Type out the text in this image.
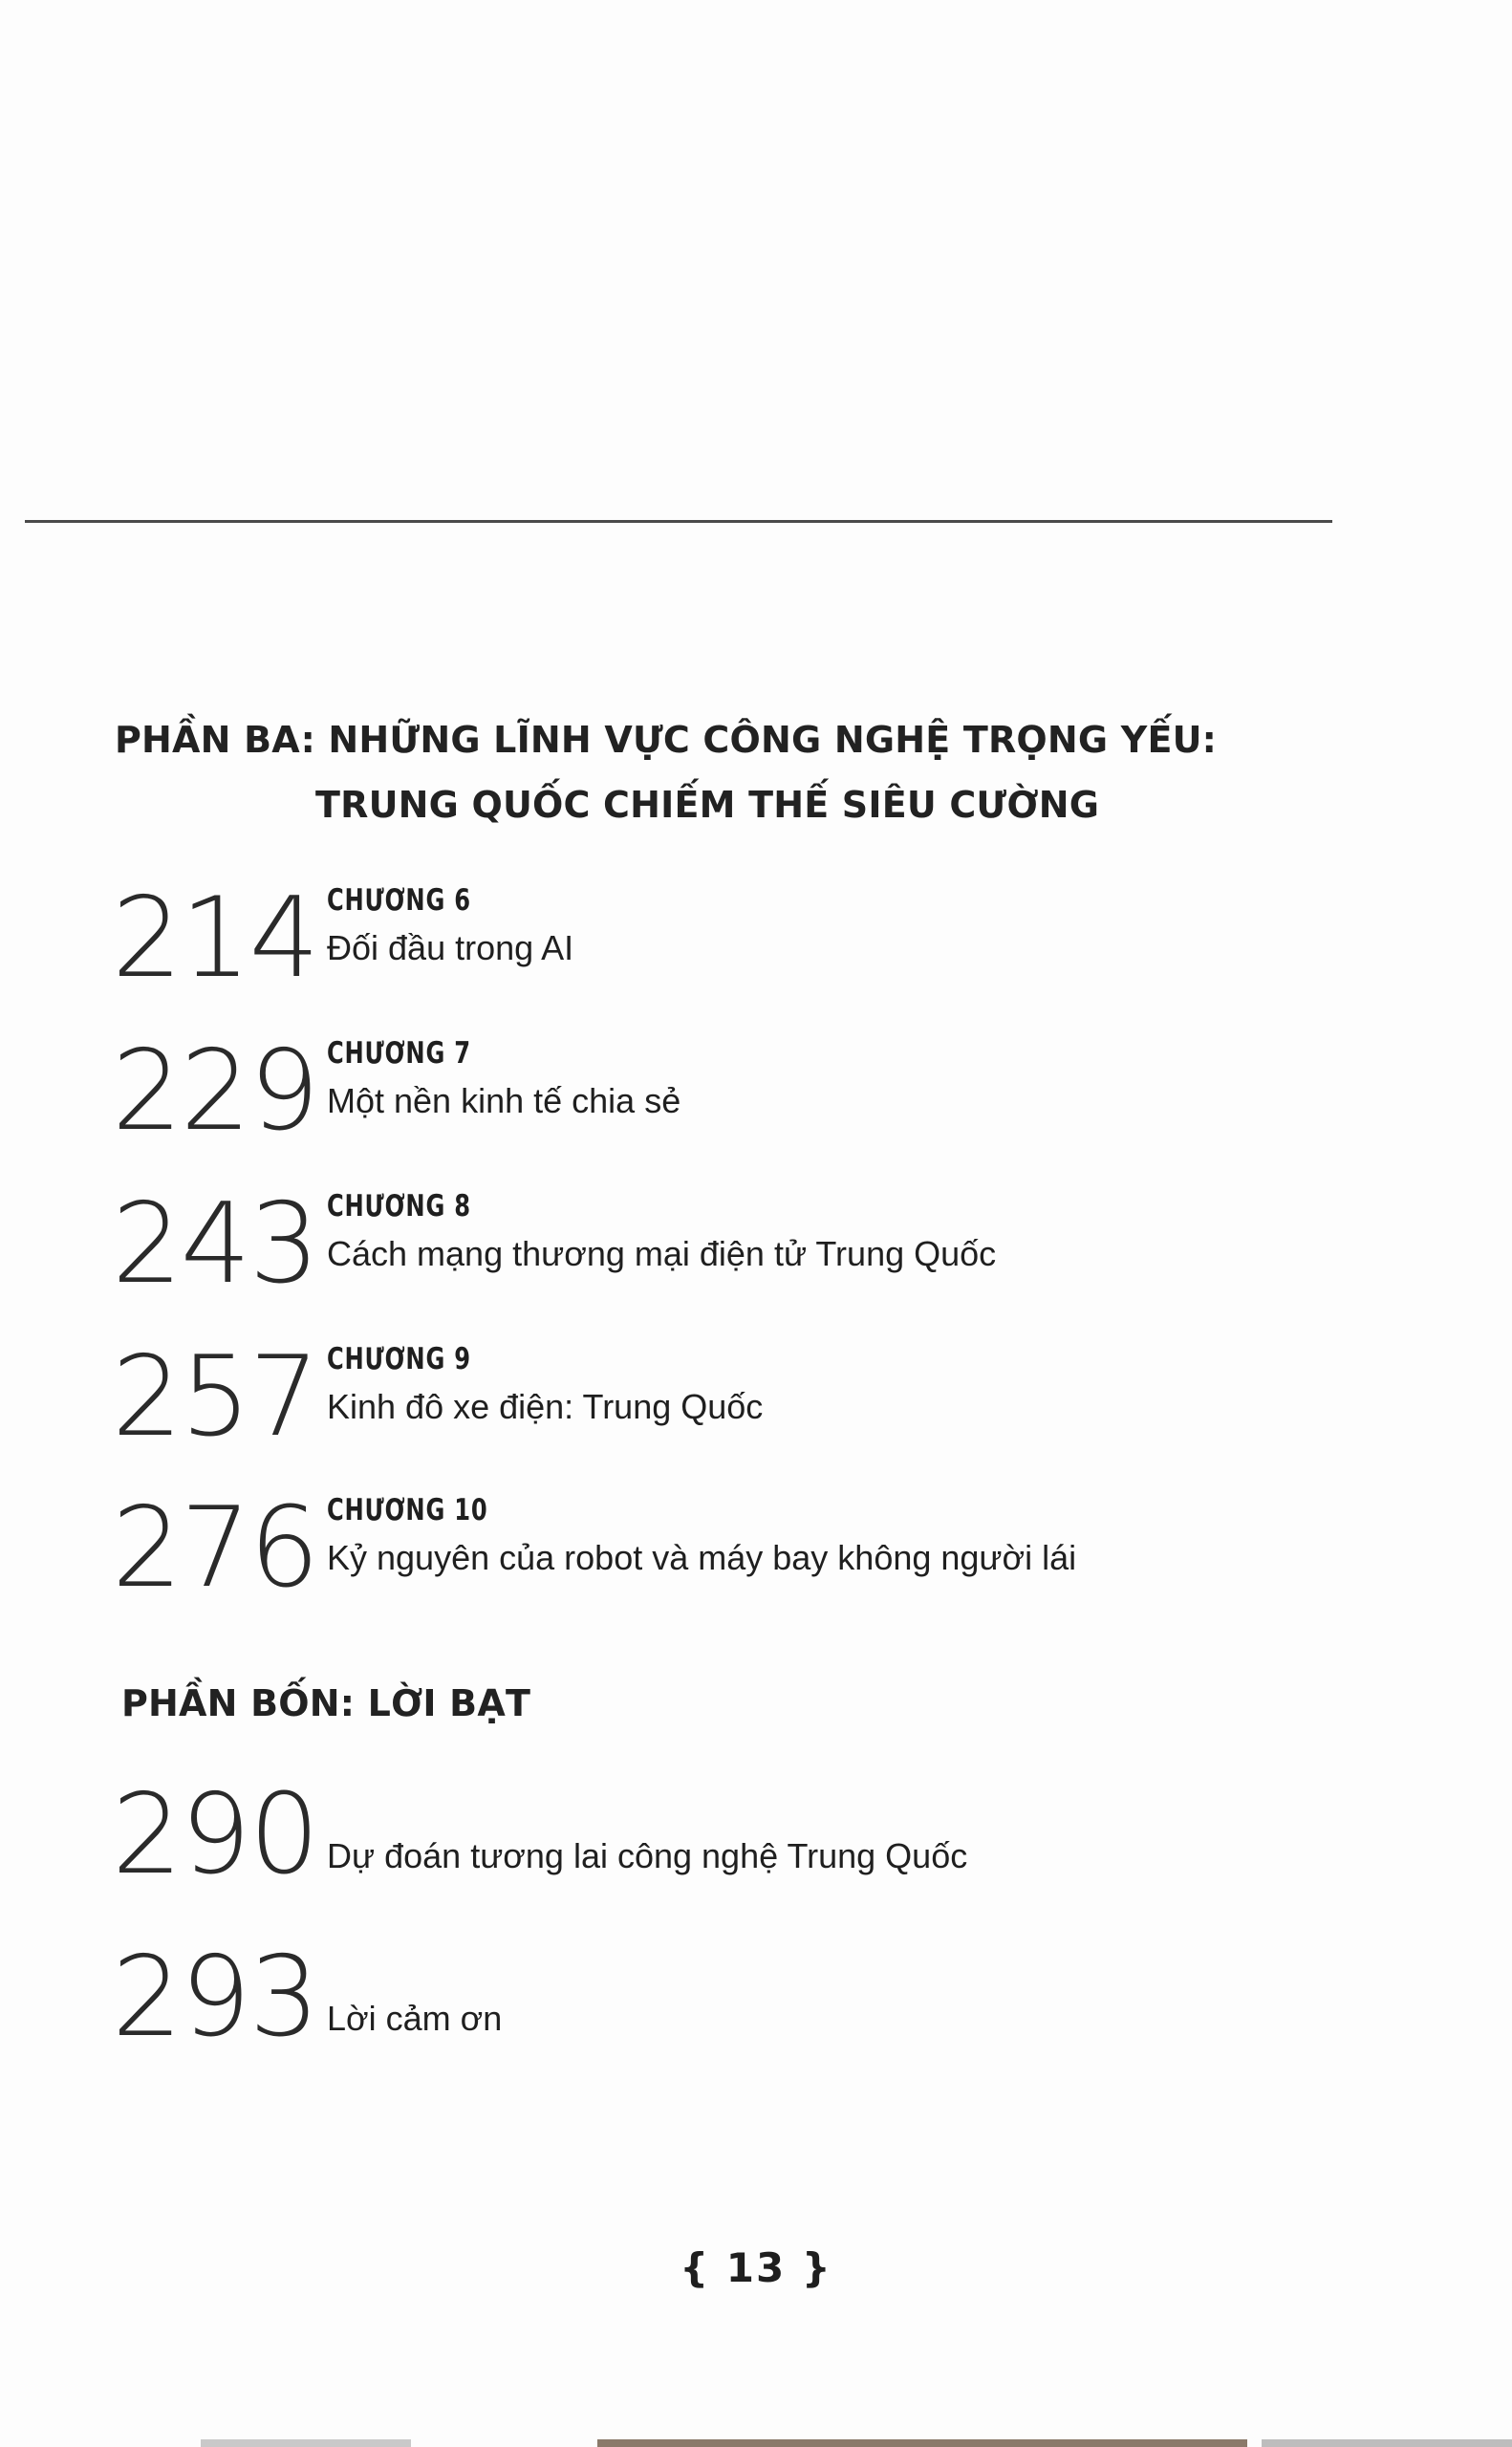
PHẦN BA: NHỮNG LĨNH VỰC CÔNG NGHỆ TRỌNG YẾU:
TRUNG QUỐC CHIẾM THẾ SIÊU CƯỜNG
214 CHƯƠNG 6
Đối đầu trong AI
229 CHƯƠNG 7
Một nền kinh tế chia sẻ
243 CHƯƠNG 8
Cách mạng thương mại điện tử Trung Quốc
257 CHƯƠNG 9
Kinh đô xe điện: Trung Quốc
276 CHƯƠNG 10
Kỷ nguyên của robot và máy bay không người lái
PHẦN BỐN: LỜI BẠT
290 Dự đoán tương lai công nghệ Trung Quốc
293 Lời cảm ơn
{ 13 }
